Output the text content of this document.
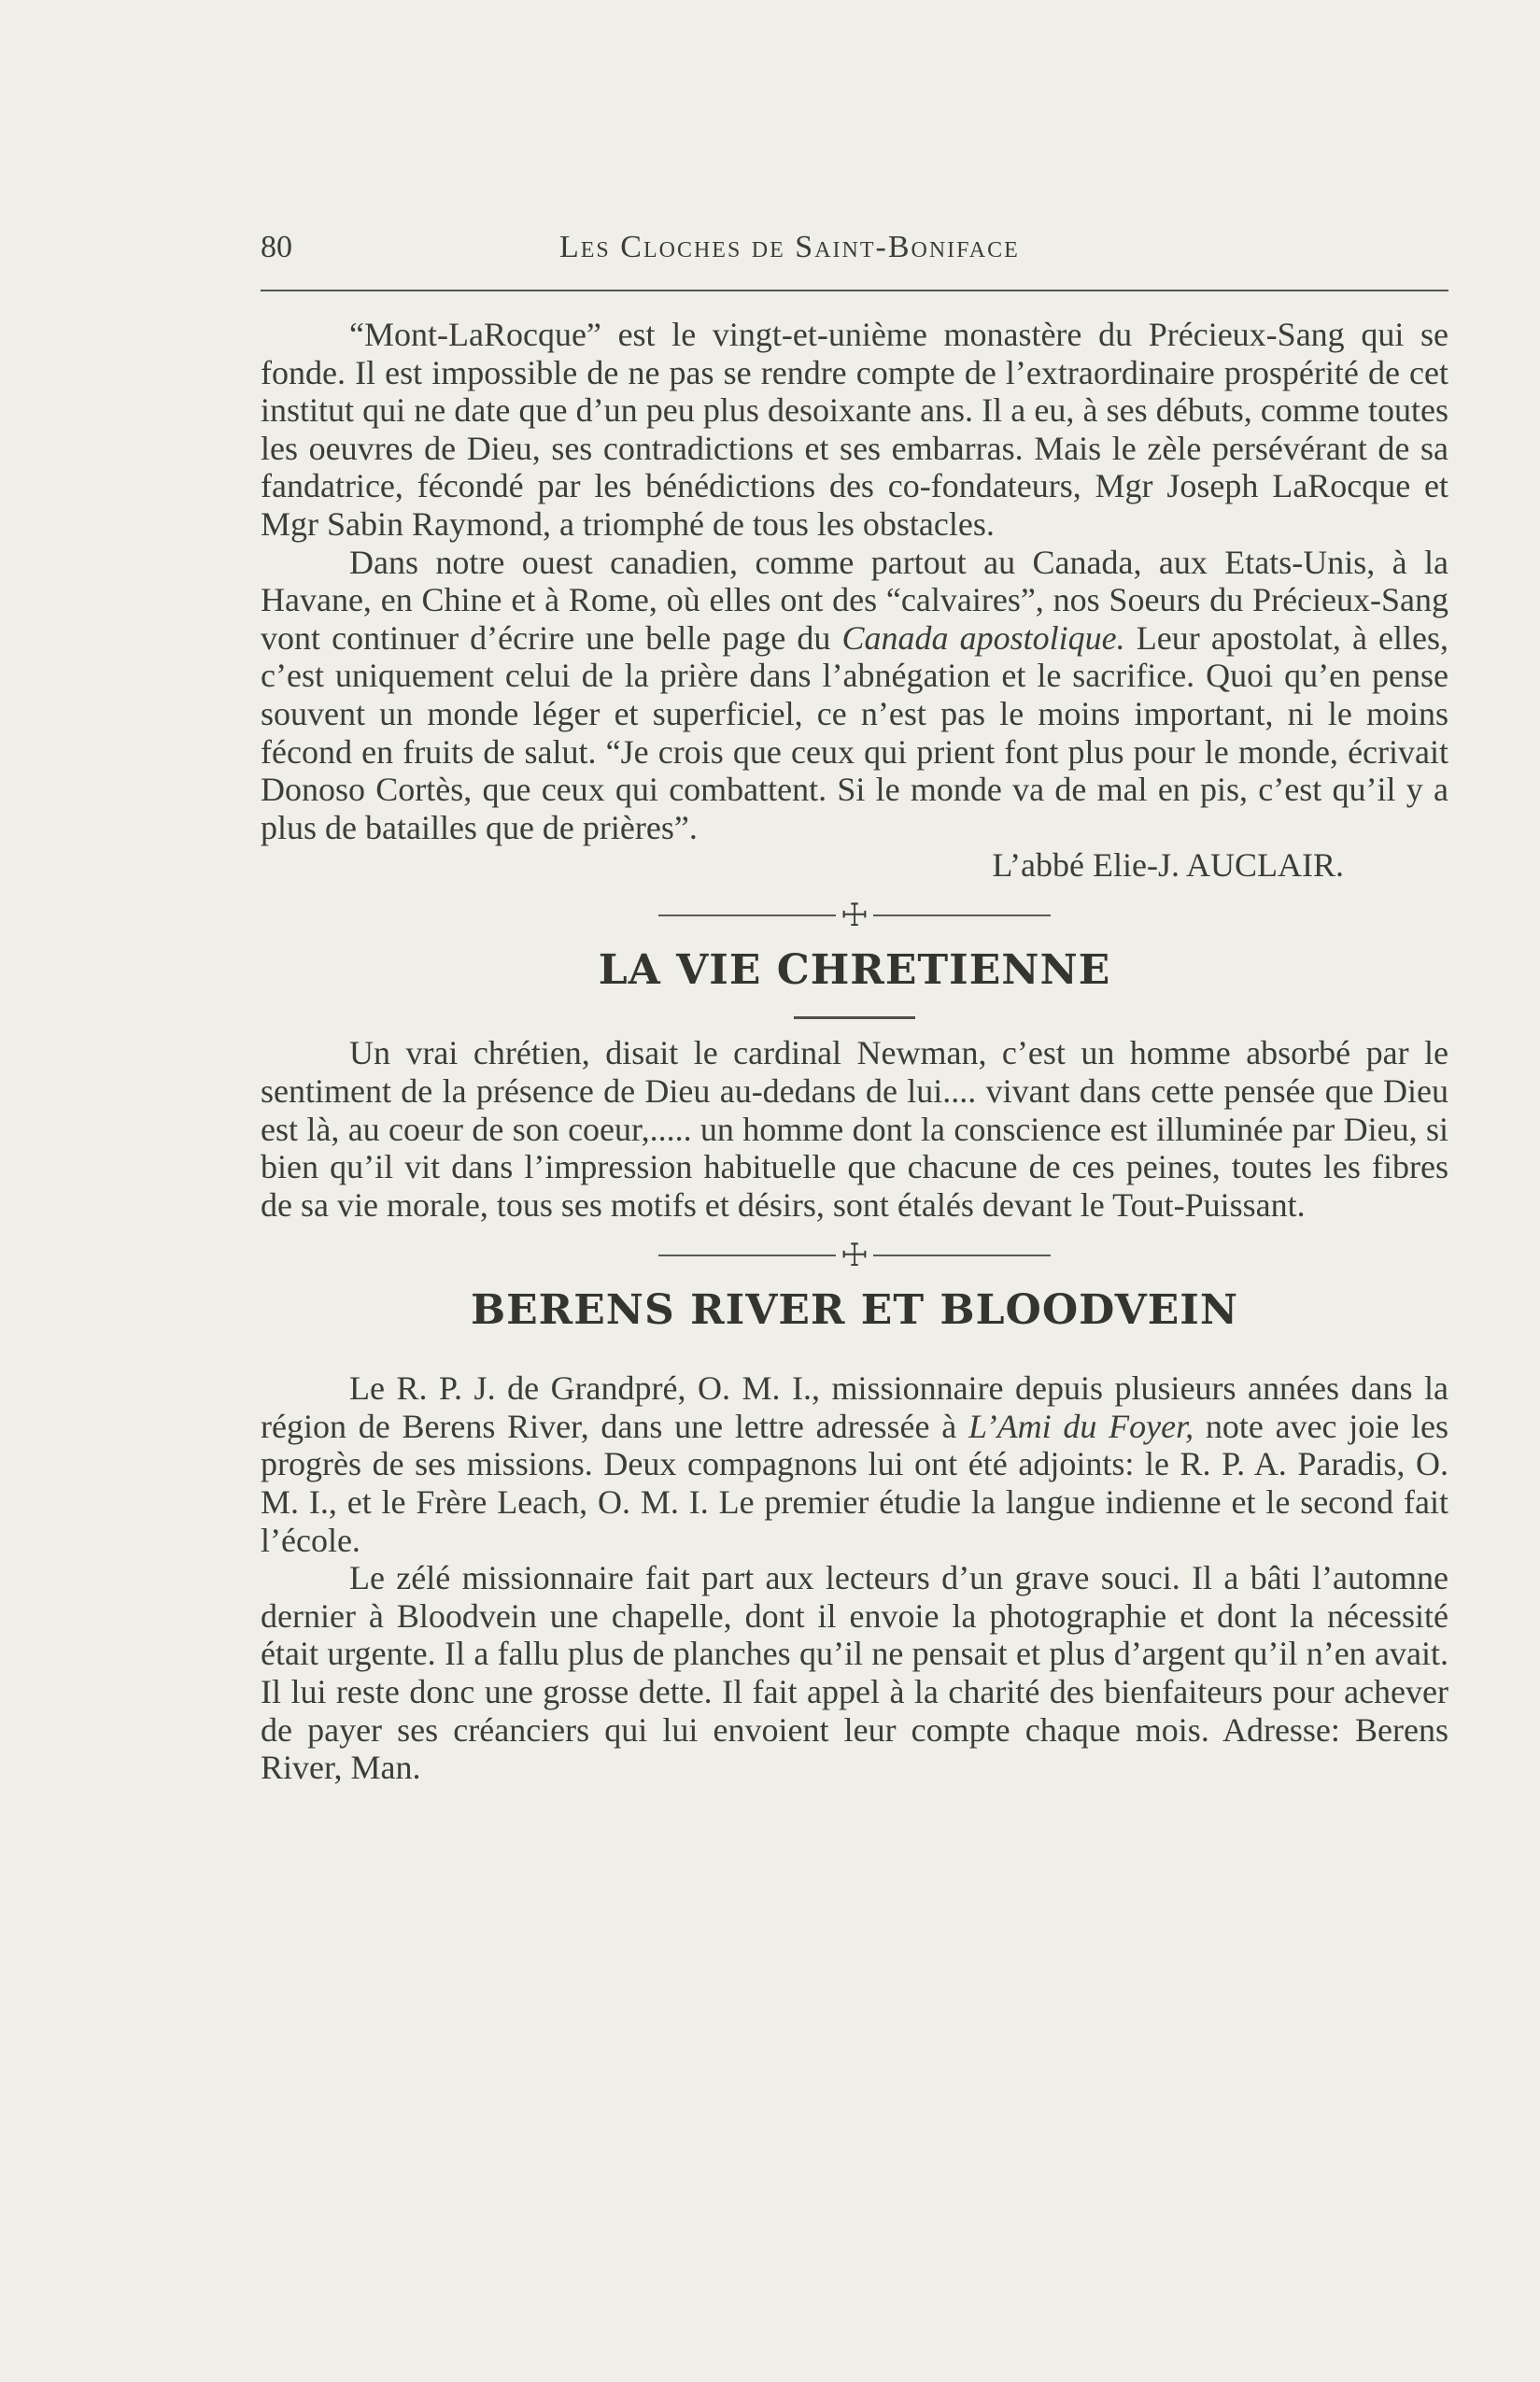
80	Les Cloches de Saint-Boniface

“Mont-LaRocque” est le vingt-et-unième monastère du Précieux-Sang qui se fonde. Il est impossible de ne pas se rendre compte de l’extraordinaire prospérité de cet institut qui ne date que d’un peu plus desoixante ans. Il a eu, à ses débuts, comme toutes les oeuvres de Dieu, ses contradictions et ses embarras. Mais le zèle persévérant de sa fandatrice, fécondé par les bénédictions des co-fondateurs, Mgr Joseph LaRocque et Mgr Sabin Raymond, a triomphé de tous les obstacles.

Dans notre ouest canadien, comme partout au Canada, aux Etats-Unis, à la Havane, en Chine et à Rome, où elles ont des “calvaires”, nos Soeurs du Précieux-Sang vont continuer d’écrire une belle page du Canada apostolique. Leur apostolat, à elles, c’est uniquement celui de la prière dans l’abnégation et le sacrifice. Quoi qu’en pense souvent un monde léger et superficiel, ce n’est pas le moins important, ni le moins fécond en fruits de salut. “Je crois que ceux qui prient font plus pour le monde, écrivait Donoso Cortès, que ceux qui combattent. Si le monde va de mal en pis, c’est qu’il y a plus de batailles que de prières”.

L’abbé Elie-J. AUCLAIR.
☩
LA VIE CHRETIENNE

Un vrai chrétien, disait le cardinal Newman, c’est un homme absorbé par le sentiment de la présence de Dieu au-dedans de lui.... vivant dans cette pensée que Dieu est là, au coeur de son coeur,..... un homme dont la conscience est illuminée par Dieu, si bien qu’il vit dans l’impression habituelle que chacune de ces peines, toutes les fibres de sa vie morale, tous ses motifs et désirs, sont étalés devant le Tout-Puissant.

☩
BERENS RIVER ET BLOODVEIN

Le R. P. J. de Grandpré, O. M. I., missionnaire depuis plusieurs années dans la région de Berens River, dans une lettre adressée à L’Ami du Foyer, note avec joie les progrès de ses missions. Deux compagnons lui ont été adjoints: le R. P. A. Paradis, O. M. I., et le Frère Leach, O. M. I. Le premier étudie la langue indienne et le second fait l’école.

Le zélé missionnaire fait part aux lecteurs d’un grave souci. Il a bâti l’automne dernier à Bloodvein une chapelle, dont il envoie la photographie et dont la nécessité était urgente. Il a fallu plus de planches qu’il ne pensait et plus d’argent qu’il n’en avait. Il lui reste donc une grosse dette. Il fait appel à la charité des bienfaiteurs pour achever de payer ses créanciers qui lui envoient leur compte chaque mois. Adresse: Berens River, Man.
